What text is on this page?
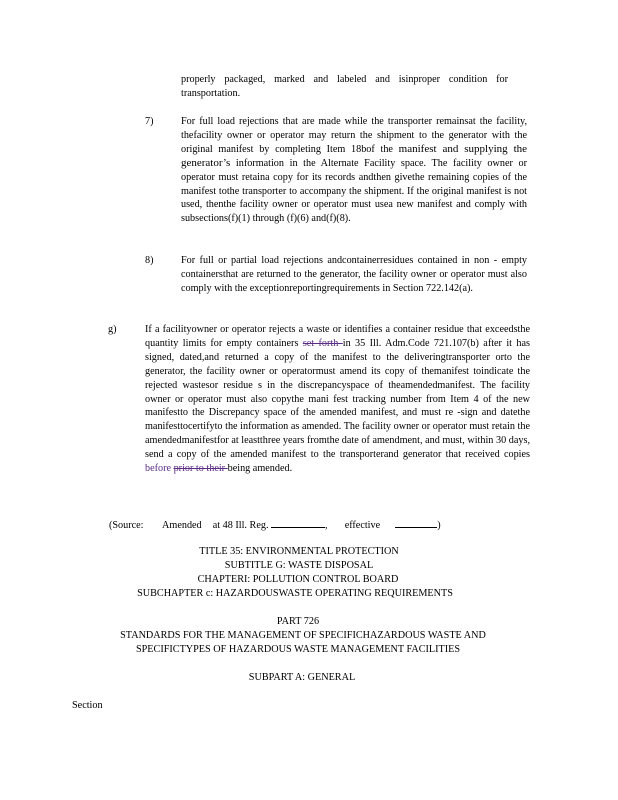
properly packaged, marked and labeled and isinproper condition for transportation.

7)	For full load rejections that are made while the transporter remainsat the facility, thefacility owner or operator may return the shipment to the generator with the original manifest by completing Item 18bof the manifest and supplying the generator’s information in the Alternate Facility space. The facility owner or operator must retaina copy for its records andthen givethe remaining copies of the manifest tothe transporter to accompany the shipment. If the original manifest is not used, thenthe facility owner or operator must usea new manifest and comply with subsections(f)(1) through (f)(6) and(f)(8).

8)	For full or partial load rejections andcontainerresidues contained in non - empty containersthat are returned to the generator, the facility owner or operator must also comply with the exceptionreportingrequirements in Section 722.142(a).

g)	If a facilityowner or operator rejects a waste or identifies a container residue that exceedsthe quantity limits for empty containers set forth in 35 Ill. Adm.Code 721.107(b) after it has signed, dated,and returned a copy of the manifest to the deliveringtransporter orto the generator, the facility owner or operatormust amend its copy of themanifest toindicate the rejected wastesor residue s in the discrepancyspace of theamendedmanifest. The facility owner or operator must also copythe mani fest tracking number from Item 4 of the new manifestto the Discrepancy space of the amended manifest, and must re -sign and datethe manifesttocertifyto the information as amended. The facility owner or operator must retain the amendedmanifestfor at leastthree years fromthe date of amendment, and must, within 30 days, send a copy of the amended manifest to the transporterand generator that received copies before prior to their being amended.

(Source: Amended at 48 Ill. Reg.	, effective	)
TITLE 35: ENVIRONMENTAL PROTECTION
SUBTITLE G: WASTE DISPOSAL
CHAPTERI: POLLUTION CONTROL BOARD
SUBCHAPTER c: HAZARDOUSWASTE OPERATING REQUIREMENTS
PART 726
STANDARDS FOR THE MANAGEMENT OF SPECIFICHAZARDOUS WASTE AND
SPECIFICTYPES OF HAZARDOUS WASTE MANAGEMENT FACILITIES
SUBPART A: GENERAL
Section
